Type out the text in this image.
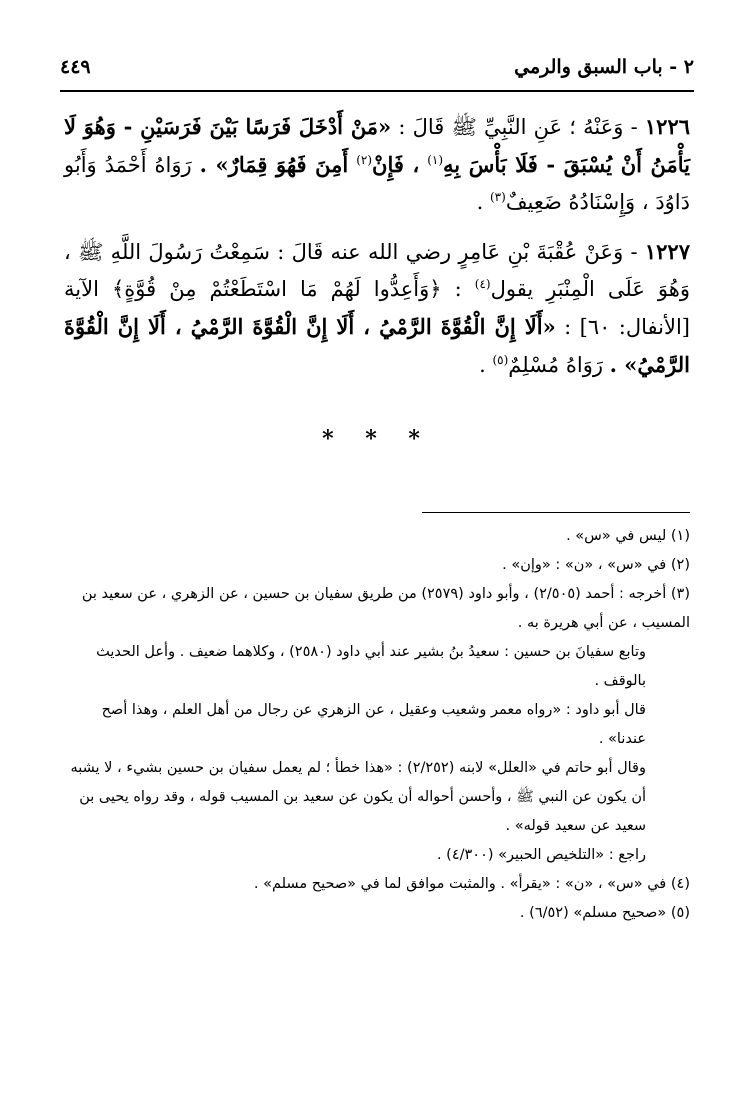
٢ - باب السبق والرمي
٤٤٩

١٢٢٦ - وَعَنْهُ ؛ عَنِ النَّبِيِّ ﷺ قَالَ : «مَنْ أَدْخَلَ فَرَسًا بَيْنَ فَرَسَيْنِ - وَهُوَ لَا يَأْمَنُ أَنْ يُسْبَقَ - فَلَا بَأْسَ بِهِ$^{(١)}$ ، فَإِنْ$^{(٢)}$ أَمِنَ فَهُوَ قِمَارٌ» . رَوَاهُ أَحْمَدُ وَأَبُو دَاوُدَ ، وَإِسْنَادُهُ ضَعِيفٌ$^{(٣)}$ .

١٢٢٧ - وَعَنْ عُقْبَةَ بْنِ عَامِرٍ رضي الله عنه قَالَ : سَمِعْتُ رَسُولَ اللَّهِ ﷺ ، وَهُوَ عَلَى الْمِنْبَرِ يقول$^{(٤)}$ : ﴿وَأَعِدُّوا لَهُمْ مَا اسْتَطَعْتُمْ مِنْ قُوَّةٍ﴾ الآية [الأنفال: ٦٠] : «أَلَا إِنَّ الْقُوَّةَ الرَّمْيُ ، أَلَا إِنَّ الْقُوَّةَ الرَّمْيُ ، أَلَا إِنَّ الْقُوَّةَ الرَّمْيُ» . رَوَاهُ مُسْلِمٌ$^{(٥)}$ .

* * *

(١) ليس في «س» .

(٢) في «س» ، «ن» : «وإن» .

(٣) أخرجه : أحمد (٢/٥٠٥) ، وأبو داود (٢٥٧٩) من طريق سفيان بن حسين ، عن الزهري ، عن سعيد بن المسيب ، عن أبي هريرة به .

وتابع سفيانَ بن حسين : سعيدُ بنُ بشير عند أبي داود (٢٥٨٠) ، وكلاهما ضعيف . وأعل الحديث بالوقف .

قال أبو داود : «رواه معمر وشعيب وعقيل ، عن الزهري عن رجال من أهل العلم ، وهذا أصح عندنا» .

وقال أبو حاتم في «العلل» لابنه (٢/٢٥٢) : «هذا خطأ ؛ لم يعمل سفيان بن حسين بشيء ، لا يشبه أن يكون عن النبي ﷺ ، وأحسن أحواله أن يكون عن سعيد بن المسيب قوله ، وقد رواه يحيى بن سعيد عن سعيد قوله» .

راجع : «التلخيص الحبير» (٤/٣٠٠) .

(٤) في «س» ، «ن» : «يقرأ» . والمثبت موافق لما في «صحيح مسلم» .

(٥) «صحيح مسلم» (٦/٥٢) .
